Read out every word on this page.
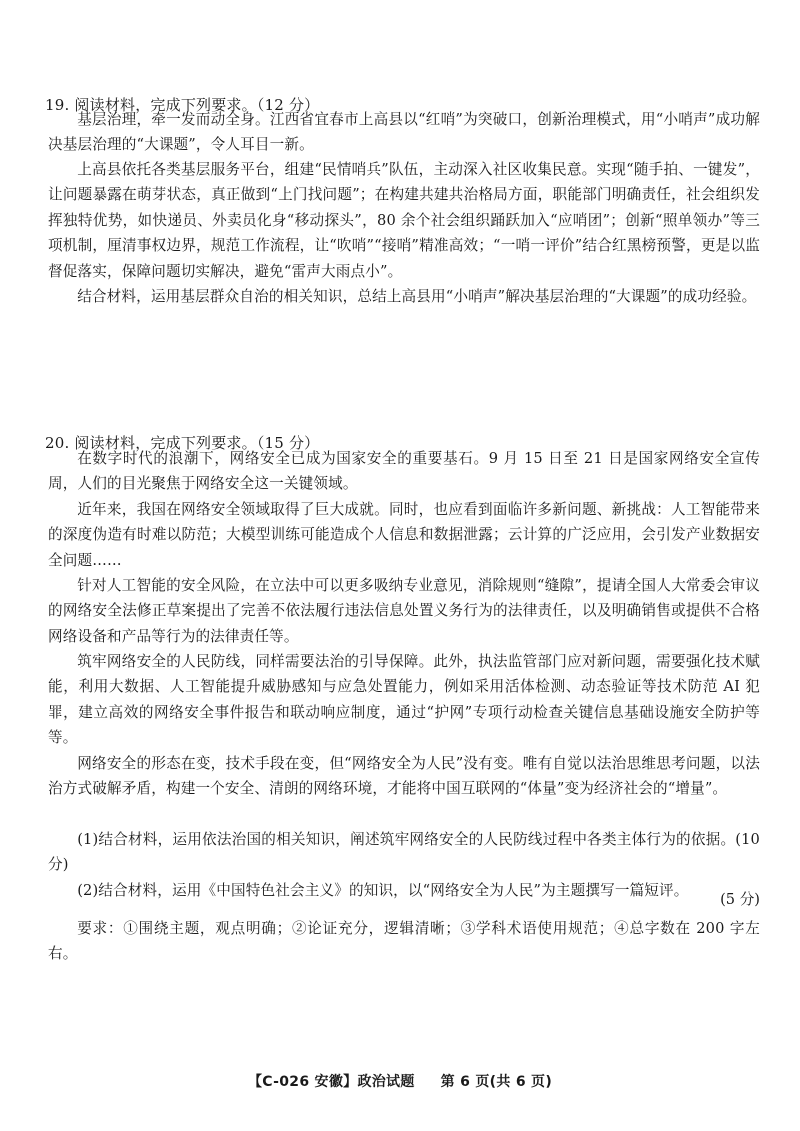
19. 阅读材料，完成下列要求。（12 分）

基层治理，牵一发而动全身。江西省宜春市上高县以“红哨”为突破口，创新治理模式，用“小哨声”成功解决基层治理的“大课题”，令人耳目一新。

上高县依托各类基层服务平台，组建“民情哨兵”队伍，主动深入社区收集民意。实现“随手拍、一键发”，让问题暴露在萌芽状态，真正做到“上门找问题”；在构建共建共治格局方面，职能部门明确责任，社会组织发挥独特优势，如快递员、外卖员化身“移动探头”，80 余个社会组织踊跃加入“应哨团”；创新“照单领办”等三项机制，厘清事权边界，规范工作流程，让“吹哨”“接哨”精准高效；“一哨一评价”结合红黑榜预警，更是以监督促落实，保障问题切实解决，避免“雷声大雨点小”。

结合材料，运用基层群众自治的相关知识，总结上高县用“小哨声”解决基层治理的“大课题”的成功经验。

20. 阅读材料，完成下列要求。（15 分）

在数字时代的浪潮下，网络安全已成为国家安全的重要基石。9 月 15 日至 21 日是国家网络安全宣传周，人们的目光聚焦于网络安全这一关键领域。

近年来，我国在网络安全领域取得了巨大成就。同时，也应看到面临许多新问题、新挑战：人工智能带来的深度伪造有时难以防范；大模型训练可能造成个人信息和数据泄露；云计算的广泛应用，会引发产业数据安全问题……

针对人工智能的安全风险，在立法中可以更多吸纳专业意见，消除规则“缝隙”，提请全国人大常委会审议的网络安全法修正草案提出了完善不依法履行违法信息处置义务行为的法律责任，以及明确销售或提供不合格网络设备和产品等行为的法律责任等。

筑牢网络安全的人民防线，同样需要法治的引导保障。此外，执法监管部门应对新问题，需要强化技术赋能，利用大数据、人工智能提升威胁感知与应急处置能力，例如采用活体检测、动态验证等技术防范 AI 犯罪，建立高效的网络安全事件报告和联动响应制度，通过“护网”专项行动检查关键信息基础设施安全防护等等。

网络安全的形态在变，技术手段在变，但“网络安全为人民”没有变。唯有自觉以法治思维思考问题，以法治方式破解矛盾，构建一个安全、清朗的网络环境，才能将中国互联网的“体量”变为经济社会的“增量”。

(1)结合材料，运用依法治国的相关知识，阐述筑牢网络安全的人民防线过程中各类主体行为的依据。(10 分)

(2)结合材料，运用《中国特色社会主义》的知识，以“网络安全为人民”为主题撰写一篇短评。

(5 分)

要求：①围绕主题，观点明确；②论证充分，逻辑清晰；③学科术语使用规范；④总字数在 200 字左右。

【C-026 安徽】政治试题 第 6 页(共 6 页)
